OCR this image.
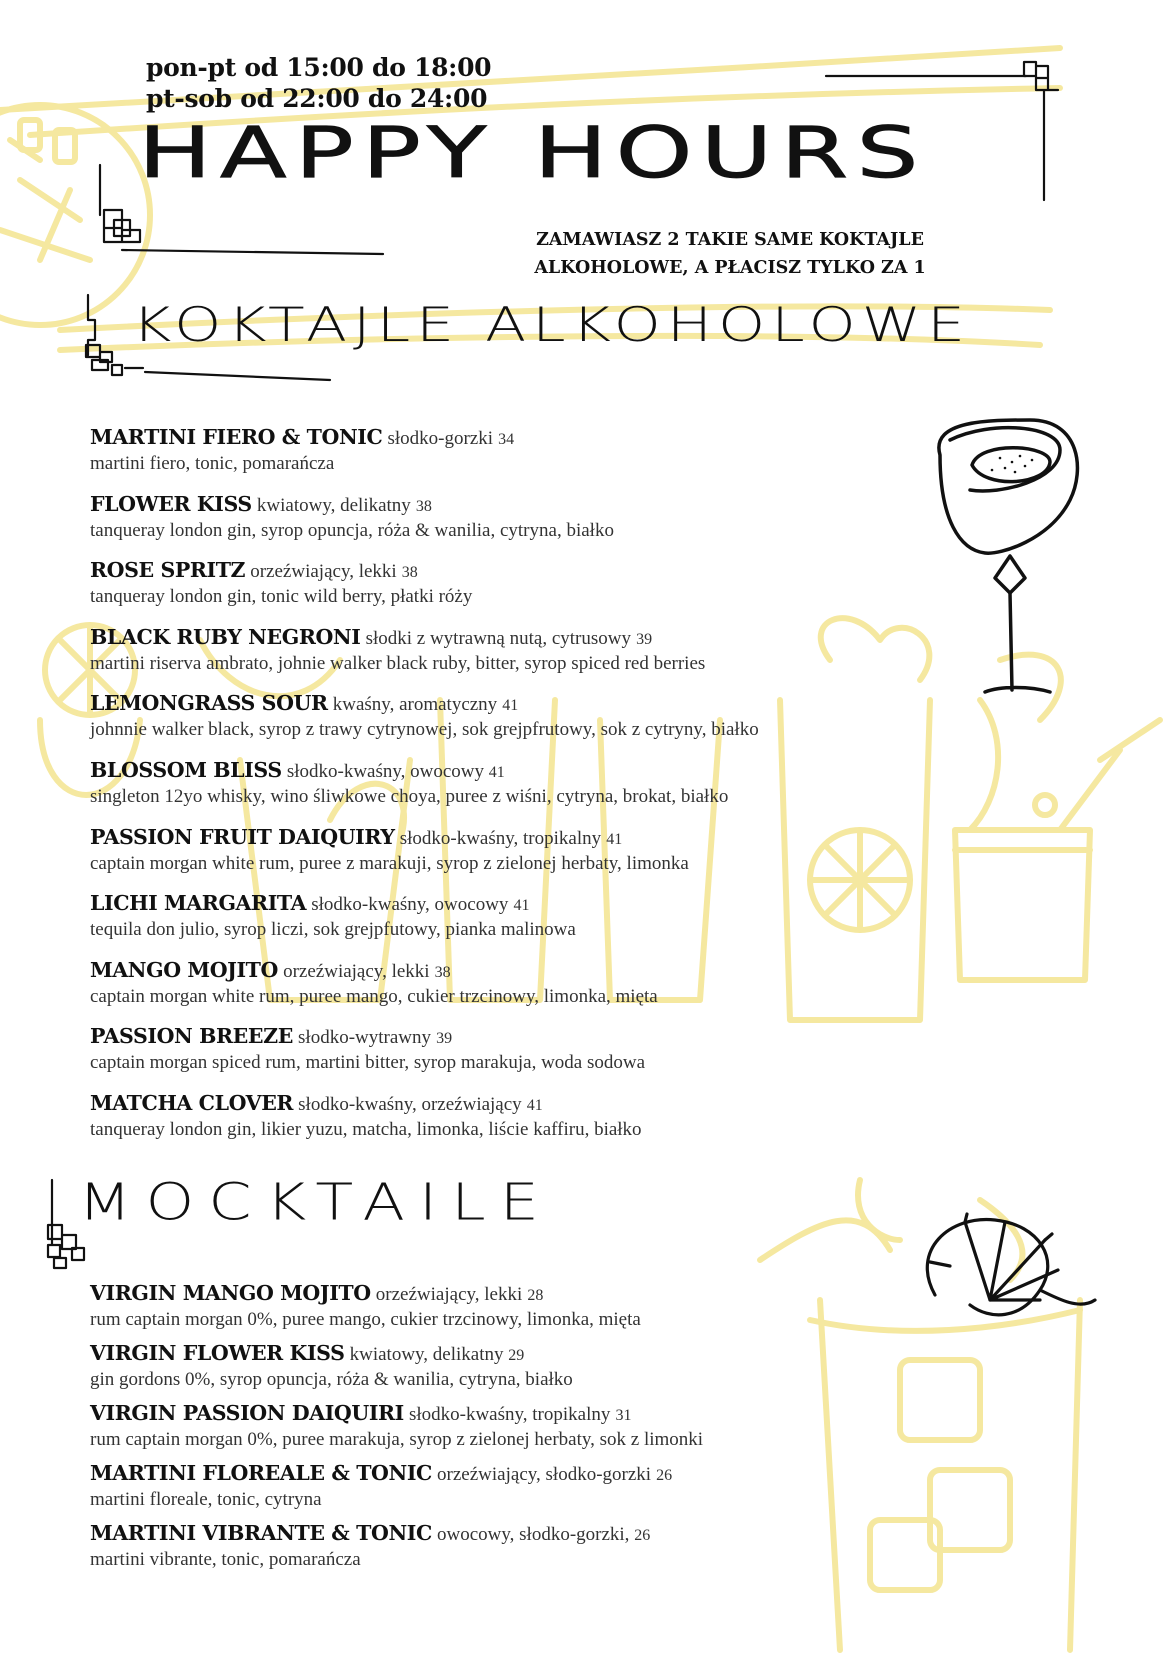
pon-pt od 15:00 do 18:00
pt-sob od 22:00 do 24:00
HAPPY HOURS
ZAMAWIASZ 2 TAKIE SAME KOKTAJLE
ALKOHOLOWE, A PŁACISZ TYLKO ZA 1
KOKTAJLE ALKOHOLOWE
MARTINI FIERO & TONIC słodko-gorzki 34
martini fiero, tonic, pomarańcza
FLOWER KISS kwiatowy, delikatny 38
tanqueray london gin, syrop opuncja, róża & wanilia, cytryna, białko
ROSE SPRITZ orzeźwiający, lekki 38
tanqueray london gin, tonic wild berry, płatki róży
BLACK RUBY NEGRONI słodki z wytrawną nutą, cytrusowy 39
martini riserva ambrato, johnie walker black ruby, bitter, syrop spiced red berries
LEMONGRASS SOUR kwaśny, aromatyczny 41
johnnie walker black, syrop z trawy cytrynowej, sok grejpfrutowy, sok z cytryny, białko
BLOSSOM BLISS słodko-kwaśny, owocowy 41
singleton 12yo whisky, wino śliwkowe choya, puree z wiśni, cytryna, brokat, białko
PASSION FRUIT DAIQUIRY słodko-kwaśny, tropikalny 41
captain morgan white rum, puree z marakuji, syrop z zielonej herbaty, limonka
LICHI MARGARITA słodko-kwaśny, owocowy 41
tequila don julio, syrop liczi, sok grejpfutowy, pianka malinowa
MANGO MOJITO orzeźwiający, lekki 38
captain morgan white rum, puree mango, cukier trzcinowy, limonka, mięta
PASSION BREEZE słodko-wytrawny 39
captain morgan spiced rum, martini bitter, syrop marakuja, woda sodowa
MATCHA CLOVER słodko-kwaśny, orzeźwiający 41
tanqueray london gin, likier yuzu, matcha, limonka, liście kaffiru, białko
MOCKTAILE
VIRGIN MANGO MOJITO orzeźwiający, lekki 28
rum captain morgan 0%, puree mango, cukier trzcinowy, limonka, mięta
VIRGIN FLOWER KISS kwiatowy, delikatny 29
gin gordons 0%, syrop opuncja, róża & wanilia, cytryna, białko
VIRGIN PASSION DAIQUIRI słodko-kwaśny, tropikalny 31
rum captain morgan 0%, puree marakuja, syrop z zielonej herbaty, sok z limonki
MARTINI FLOREALE & TONIC orzeźwiający, słodko-gorzki 26
martini floreale, tonic, cytryna
MARTINI VIBRANTE & TONIC owocowy, słodko-gorzki, 26
martini vibrante, tonic, pomarańcza
